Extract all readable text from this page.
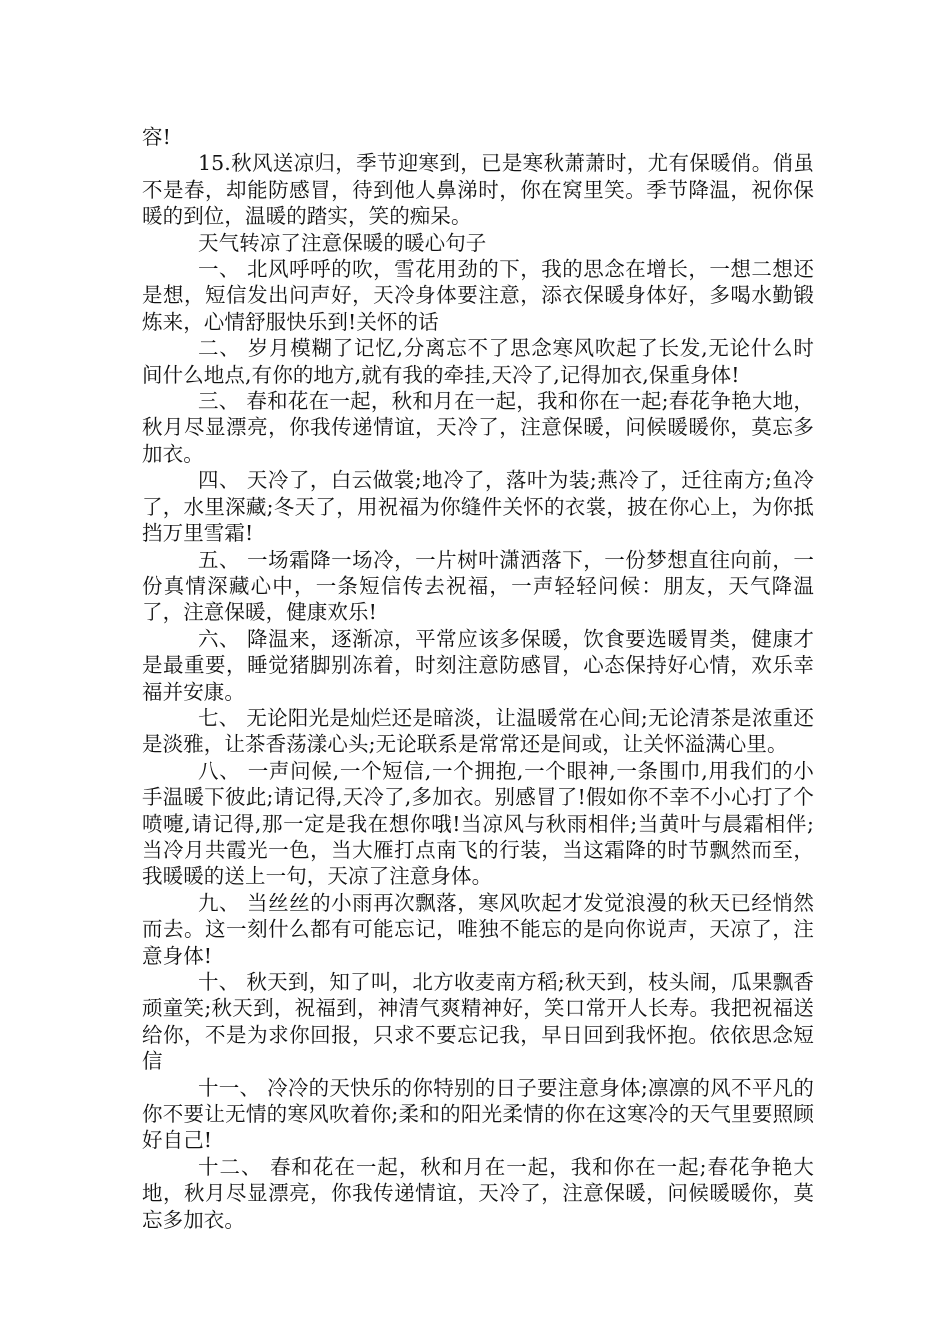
容!

15.秋风送凉归，季节迎寒到，已是寒秋萧萧时，尤有保暖俏。俏虽不是春，却能防感冒，待到他人鼻涕时，你在窝里笑。季节降温，祝你保暖的到位，温暖的踏实，笑的痴呆。

天气转凉了注意保暖的暖心句子

一、 北风呼呼的吹，雪花用劲的下，我的思念在增长，一想二想还是想，短信发出问声好，天冷身体要注意，添衣保暖身体好，多喝水勤锻炼来，心情舒服快乐到!关怀的话

二、 岁月模糊了记忆,分离忘不了思念寒风吹起了长发,无论什么时间什么地点,有你的地方,就有我的牵挂,天冷了,记得加衣,保重身体!

三、 春和花在一起，秋和月在一起，我和你在一起;春花争艳大地，秋月尽显漂亮，你我传递情谊，天冷了，注意保暖，问候暖暖你，莫忘多加衣。

四、 天冷了，白云做裳;地冷了，落叶为装;燕冷了，迁往南方;鱼冷了，水里深藏;冬天了，用祝福为你缝件关怀的衣裳，披在你心上，为你抵挡万里雪霜!

五、 一场霜降一场冷，一片树叶潇洒落下，一份梦想直往向前，一份真情深藏心中，一条短信传去祝福，一声轻轻问候：朋友，天气降温了，注意保暖，健康欢乐!

六、 降温来，逐渐凉，平常应该多保暖，饮食要选暖胃类，健康才是最重要，睡觉猪脚别冻着，时刻注意防感冒，心态保持好心情，欢乐幸福并安康。

七、 无论阳光是灿烂还是暗淡，让温暖常在心间;无论清茶是浓重还是淡雅，让茶香荡漾心头;无论联系是常常还是间或，让关怀溢满心里。

八、 一声问候,一个短信,一个拥抱,一个眼神,一条围巾,用我们的小手温暖下彼此;请记得,天冷了,多加衣。别感冒了!假如你不幸不小心打了个喷嚏,请记得,那一定是我在想你哦!当凉风与秋雨相伴;当黄叶与晨霜相伴;当冷月共霞光一色，当大雁打点南飞的行装，当这霜降的时节飘然而至，我暖暖的送上一句，天凉了注意身体。

九、 当丝丝的小雨再次飘落，寒风吹起才发觉浪漫的秋天已经悄然而去。这一刻什么都有可能忘记，唯独不能忘的是向你说声，天凉了，注意身体!

十、 秋天到，知了叫，北方收麦南方稻;秋天到，枝头闹，瓜果飘香顽童笑;秋天到，祝福到，神清气爽精神好，笑口常开人长寿。我把祝福送给你，不是为求你回报，只求不要忘记我，早日回到我怀抱。依依思念短信

十一、 冷冷的天快乐的你特别的日子要注意身体;凛凛的风不平凡的你不要让无情的寒风吹着你;柔和的阳光柔情的你在这寒冷的天气里要照顾好自己!

十二、 春和花在一起，秋和月在一起，我和你在一起;春花争艳大地，秋月尽显漂亮，你我传递情谊，天冷了，注意保暖，问候暖暖你，莫忘多加衣。
